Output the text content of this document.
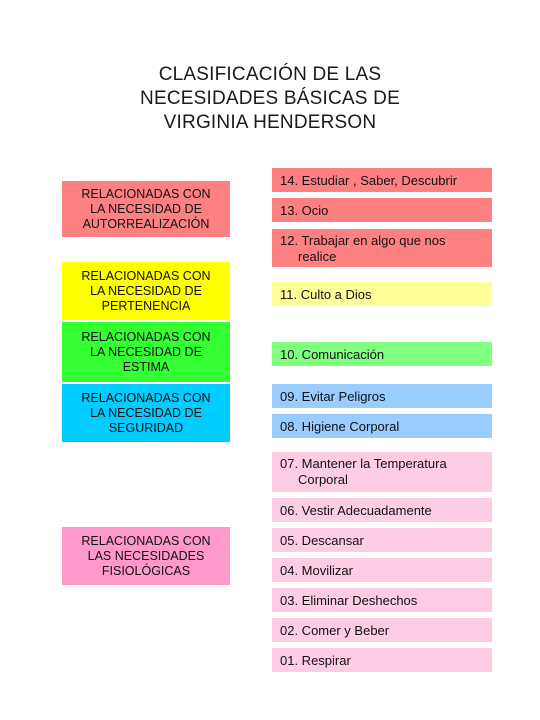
CLASIFICACIÓN DE LAS
NECESIDADES BÁSICAS DE
VIRGINIA HENDERSON
RELACIONADAS CON
LA NECESIDAD DE
AUTORREALIZACIÓN
RELACIONADAS CON
LA NECESIDAD DE
PERTENENCIA
RELACIONADAS CON
LA NECESIDAD DE
ESTIMA
RELACIONADAS CON
LA NECESIDAD DE
SEGURIDAD
RELACIONADAS CON
LAS NECESIDADES
FISIOLÓGICAS
14. Estudiar , Saber, Descubrir
13. Ocio
12. Trabajar en algo que nos
realice
11. Culto a Dios
10. Comunicación
09. Evitar Peligros
08. Higiene Corporal
07. Mantener la Temperatura
Corporal
06. Vestir Adecuadamente
05. Descansar
04. Movilizar
03. Eliminar Deshechos
02. Comer y Beber
01. Respirar
